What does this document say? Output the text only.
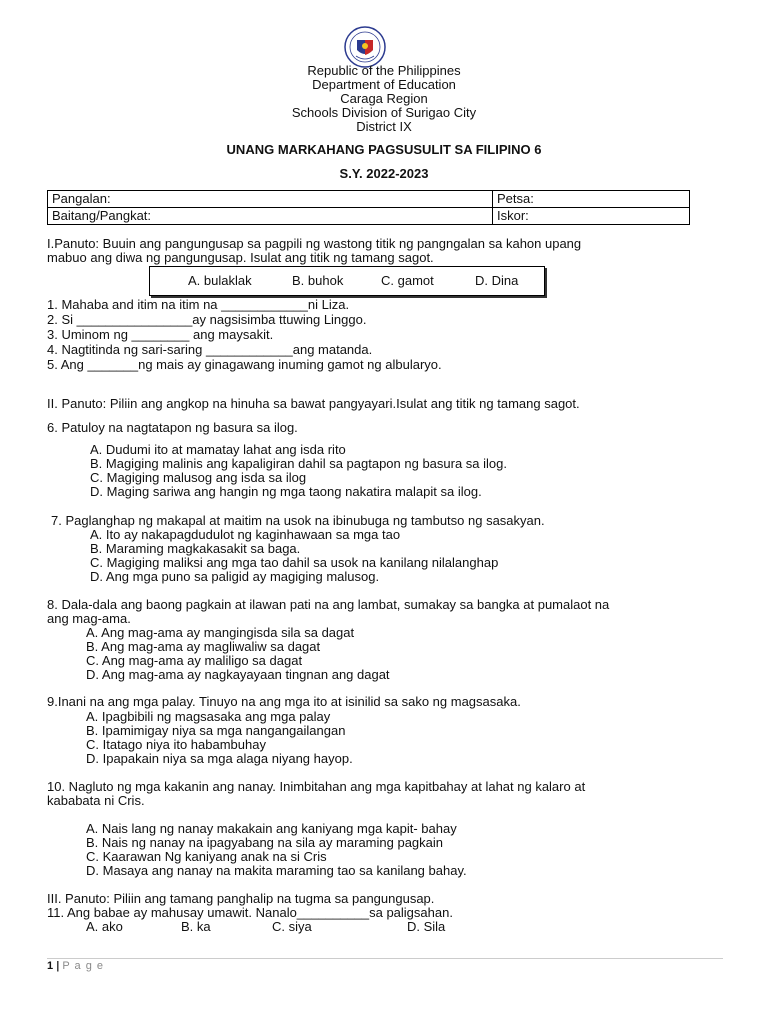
Republic of the Philippines
Department of Education
Caraga Region
Schools Division of Surigao City
District IX
UNANG MARKAHANG PAGSUSULIT SA FILIPINO 6
S.Y. 2022-2023
Pangalan:	Petsa:
Baitang/Pangkat:	Iskor:
I.Panuto: Buuin ang pangungusap sa pagpili ng wastong titik ng pangngalan sa kahon upang
mabuo ang diwa ng pangungusap. Isulat ang titik ng tamang sagot.
A. bulaklak	B. buhok	C. gamot	D. Dina
1. Mahaba and itim na itim na ____________ni Liza.
2. Si ________________ay nagsisimba ttuwing Linggo.
3. Uminom ng ________ ang maysakit.
4. Nagtitinda ng sari-saring ____________ang matanda.
5. Ang _______ng mais ay ginagawang inuming gamot ng albularyo.
II. Panuto: Piliin ang angkop na hinuha sa bawat pangyayari.Isulat ang titik ng tamang sagot.
6. Patuloy na nagtatapon ng basura sa ilog.
A. Dudumi ito at mamatay lahat ang isda rito
B. Magiging malinis ang kapaligiran dahil sa pagtapon ng basura sa ilog.
C. Magiging malusog ang isda sa ilog
D. Maging sariwa ang hangin ng mga taong nakatira malapit sa ilog.
7. Paglanghap ng makapal at maitim na usok na ibinubuga ng tambutso ng sasakyan.
A. Ito ay nakapagdudulot ng kaginhawaan sa mga tao
B. Maraming magkakasakit sa baga.
C. Magiging maliksi ang mga tao dahil sa usok na kanilang nilalanghap
D. Ang mga puno sa paligid ay magiging malusog.
8. Dala-dala ang baong pagkain at ilawan pati na ang lambat, sumakay sa bangka at pumalaot na
ang mag-ama.
A. Ang mag-ama ay mangingisda sila sa dagat
B. Ang mag-ama ay magliwaliw sa dagat
C. Ang mag-ama ay maliligo sa dagat
D. Ang mag-ama ay nagkayayaan tingnan ang dagat
9.Inani na ang mga palay. Tinuyo na ang mga ito at isinilid sa sako ng magsasaka.
A. Ipagbibili ng magsasaka ang mga palay
B. Ipamimigay niya sa mga nangangailangan
C. Itatago niya ito habambuhay
D. Ipapakain niya sa mga alaga niyang hayop.
10. Nagluto ng mga kakanin ang nanay. Inimbitahan ang mga kapitbahay at lahat ng kalaro at
kababata ni Cris.
A. Nais lang ng nanay makakain ang kaniyang mga kapit- bahay
B. Nais ng nanay na ipagyabang na sila ay maraming pagkain
C. Kaarawan Ng kaniyang anak na si Cris
D. Masaya ang nanay na makita maraming tao sa kanilang bahay.
III. Panuto: Piliin ang tamang panghalip na tugma sa pangungusap.
11. Ang babae ay mahusay umawit. Nanalo__________sa paligsahan.
A. ako	B. ka	C. siya	D. Sila
1 | P a g e
